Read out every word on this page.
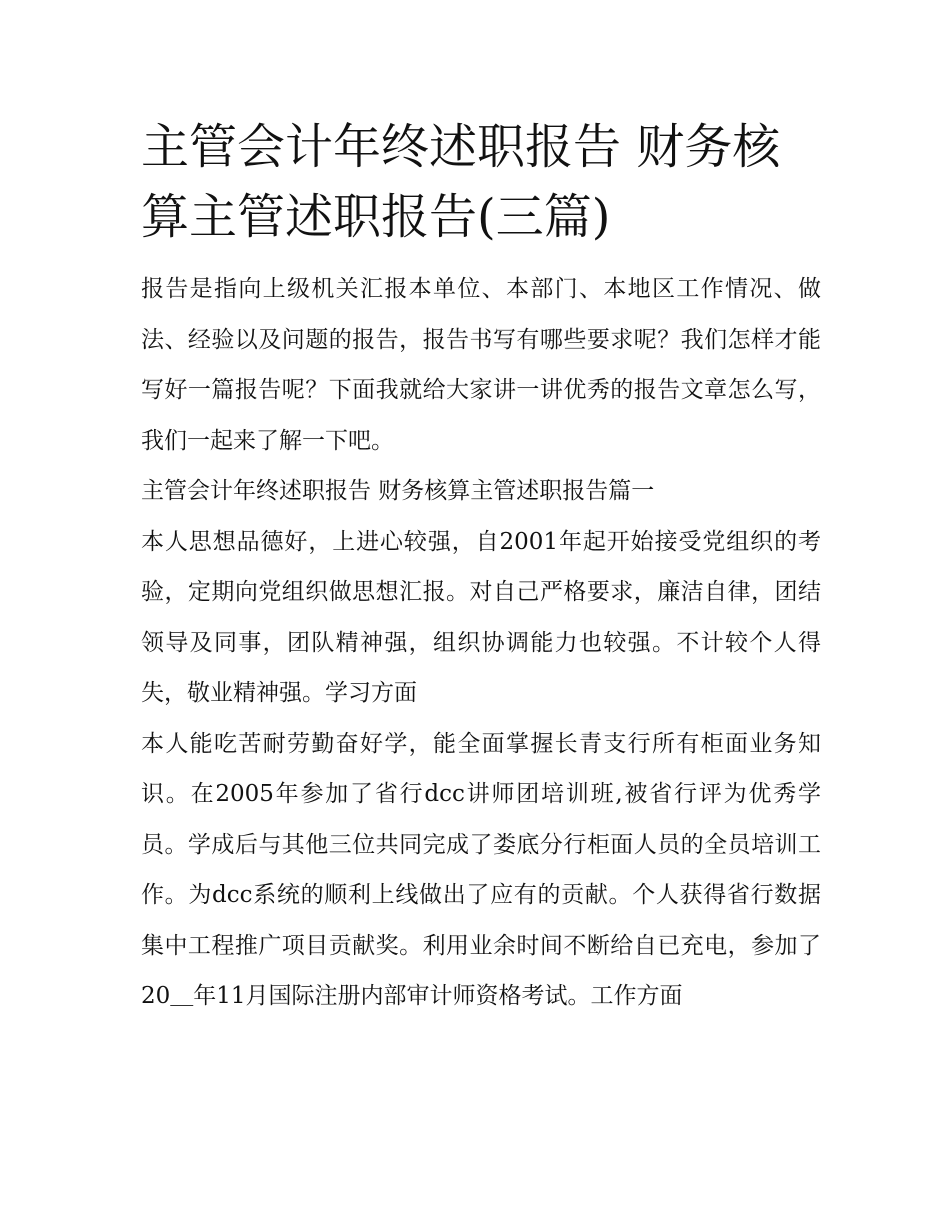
主管会计年终述职报告 财务核算主管述职报告(三篇)

报告是指向上级机关汇报本单位、本部门、本地区工作情况、做法、经验以及问题的报告，报告书写有哪些要求呢？我们怎样才能写好一篇报告呢？下面我就给大家讲一讲优秀的报告文章怎么写，我们一起来了解一下吧。

主管会计年终述职报告 财务核算主管述职报告篇一

本人思想品德好，上进心较强，自2001年起开始接受党组织的考验，定期向党组织做思想汇报。对自己严格要求，廉洁自律，团结领导及同事，团队精神强，组织协调能力也较强。不计较个人得失，敬业精神强。学习方面

本人能吃苦耐劳勤奋好学，能全面掌握长青支行所有柜面业务知识。在2005年参加了省行dcc讲师团培训班,被省行评为优秀学员。学成后与其他三位共同完成了娄底分行柜面人员的全员培训工作。为dcc系统的顺利上线做出了应有的贡献。个人获得省行数据集中工程推广项目贡献奖。利用业余时间不断给自已充电，参加了20＿年11月国际注册内部审计师资格考试。工作方面
